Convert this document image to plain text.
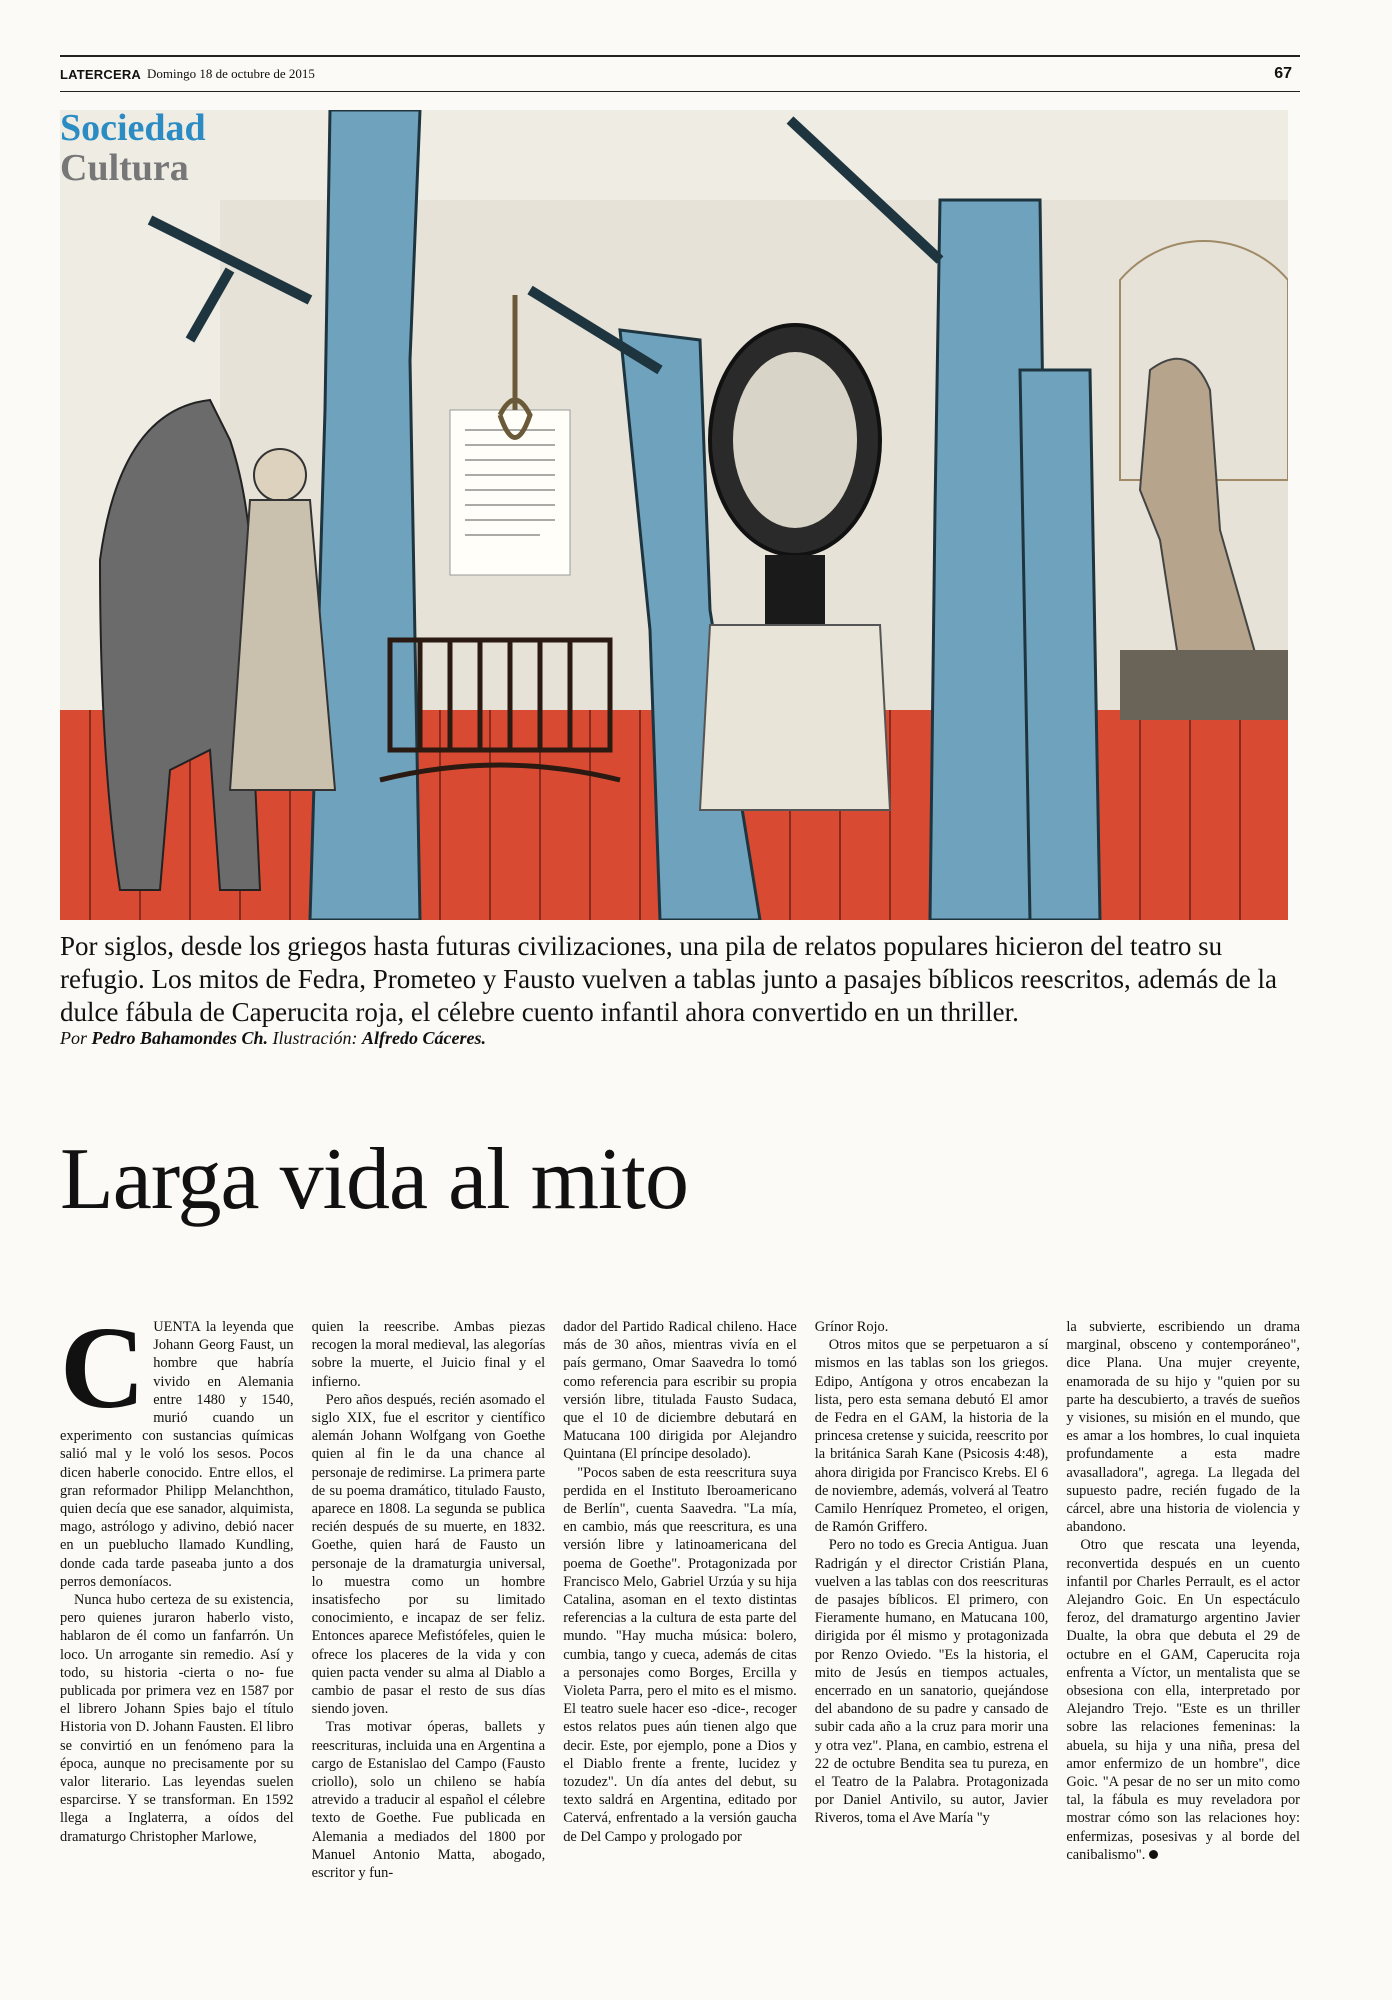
LATERCERA Domingo 18 de octubre de 2015	67
Sociedad
Cultura

Por siglos, desde los griegos hasta futuras civilizaciones, una pila de relatos populares hicieron del teatro su refugio. Los mitos de Fedra, Prometeo y Fausto vuelven a tablas junto a pasajes bíblicos reescritos, además de la dulce fábula de Caperucita roja, el célebre cuento infantil ahora convertido en un thriller.

Por Pedro Bahamondes Ch. Ilustración: Alfredo Cáceres.
Larga vida al mito

CUENTA la leyenda que Johann Georg Faust, un hombre que habría vivido en Alemania entre 1480 y 1540, murió cuando un experimento con sustancias químicas salió mal y le voló los sesos. Pocos dicen haberle conocido. Entre ellos, el gran reformador Philipp Melanchthon, quien decía que ese sanador, alquimista, mago, astrólogo y adivino, debió nacer en un pueblucho llamado Kundling, donde cada tarde paseaba junto a dos perros demoníacos.

Nunca hubo certeza de su existencia, pero quienes juraron haberlo visto, hablaron de él como un fanfarrón. Un loco. Un arrogante sin remedio. Así y todo, su historia -cierta o no- fue publicada por primera vez en 1587 por el librero Johann Spies bajo el título Historia von D. Johann Fausten. El libro se convirtió en un fenómeno para la época, aunque no precisamente por su valor literario. Las leyendas suelen esparcirse. Y se transforman. En 1592 llega a Inglaterra, a oídos del dramaturgo Christopher Marlowe,

quien la reescribe. Ambas piezas recogen la moral medieval, las alegorías sobre la muerte, el Juicio final y el infierno.

Pero años después, recién asomado el siglo XIX, fue el escritor y científico alemán Johann Wolfgang von Goethe quien al fin le da una chance al personaje de redimirse. La primera parte de su poema dramático, titulado Fausto, aparece en 1808. La segunda se publica recién después de su muerte, en 1832. Goethe, quien hará de Fausto un personaje de la dramaturgia universal, lo muestra como un hombre insatisfecho por su limitado conocimiento, e incapaz de ser feliz. Entonces aparece Mefistófeles, quien le ofrece los placeres de la vida y con quien pacta vender su alma al Diablo a cambio de pasar el resto de sus días siendo joven.

Tras motivar óperas, ballets y reescrituras, incluida una en Argentina a cargo de Estanislao del Campo (Fausto criollo), solo un chileno se había atrevido a traducir al español el célebre texto de Goethe. Fue publicada en Alemania a mediados del 1800 por Manuel Antonio Matta, abogado, escritor y fun-

dador del Partido Radical chileno. Hace más de 30 años, mientras vivía en el país germano, Omar Saavedra lo tomó como referencia para escribir su propia versión libre, titulada Fausto Sudaca, que el 10 de diciembre debutará en Matucana 100 dirigida por Alejandro Quintana (El príncipe desolado).

"Pocos saben de esta reescritura suya perdida en el Instituto Iberoamericano de Berlín", cuenta Saavedra. "La mía, en cambio, más que reescritura, es una versión libre y latinoamericana del poema de Goethe". Protagonizada por Francisco Melo, Gabriel Urzúa y su hija Catalina, asoman en el texto distintas referencias a la cultura de esta parte del mundo. "Hay mucha música: bolero, cumbia, tango y cueca, además de citas a personajes como Borges, Ercilla y Violeta Parra, pero el mito es el mismo. El teatro suele hacer eso -dice-, recoger estos relatos pues aún tienen algo que decir. Este, por ejemplo, pone a Dios y el Diablo frente a frente, lucidez y tozudez". Un día antes del debut, su texto saldrá en Argentina, editado por Catervá, enfrentado a la versión gaucha de Del Campo y prologado por

Grínor Rojo.

Otros mitos que se perpetuaron a sí mismos en las tablas son los griegos. Edipo, Antígona y otros encabezan la lista, pero esta semana debutó El amor de Fedra en el GAM, la historia de la princesa cretense y suicida, reescrito por la británica Sarah Kane (Psicosis 4:48), ahora dirigida por Francisco Krebs. El 6 de noviembre, además, volverá al Teatro Camilo Henríquez Prometeo, el origen, de Ramón Griffero.

Pero no todo es Grecia Antigua. Juan Radrigán y el director Cristián Plana, vuelven a las tablas con dos reescrituras de pasajes bíblicos. El primero, con Fieramente humano, en Matucana 100, dirigida por él mismo y protagonizada por Renzo Oviedo. "Es la historia, el mito de Jesús en tiempos actuales, encerrado en un sanatorio, quejándose del abandono de su padre y cansado de subir cada año a la cruz para morir una y otra vez". Plana, en cambio, estrena el 22 de octubre Bendita sea tu pureza, en el Teatro de la Palabra. Protagonizada por Daniel Antivilo, su autor, Javier Riveros, toma el Ave María "y

la subvierte, escribiendo un drama marginal, obsceno y contemporáneo", dice Plana. Una mujer creyente, enamorada de su hijo y "quien por su parte ha descubierto, a través de sueños y visiones, su misión en el mundo, que es amar a los hombres, lo cual inquieta profundamente a esta madre avasalladora", agrega. La llegada del supuesto padre, recién fugado de la cárcel, abre una historia de violencia y abandono.

Otro que rescata una leyenda, reconvertida después en un cuento infantil por Charles Perrault, es el actor Alejandro Goic. En Un espectáculo feroz, del dramaturgo argentino Javier Dualte, la obra que debuta el 29 de octubre en el GAM, Caperucita roja enfrenta a Víctor, un mentalista que se obsesiona con ella, interpretado por Alejandro Trejo. "Este es un thriller sobre las relaciones femeninas: la abuela, su hija y una niña, presa del amor enfermizo de un hombre", dice Goic. "A pesar de no ser un mito como tal, la fábula es muy reveladora por mostrar cómo son las relaciones hoy: enfermizas, posesivas y al borde del canibalismo".
